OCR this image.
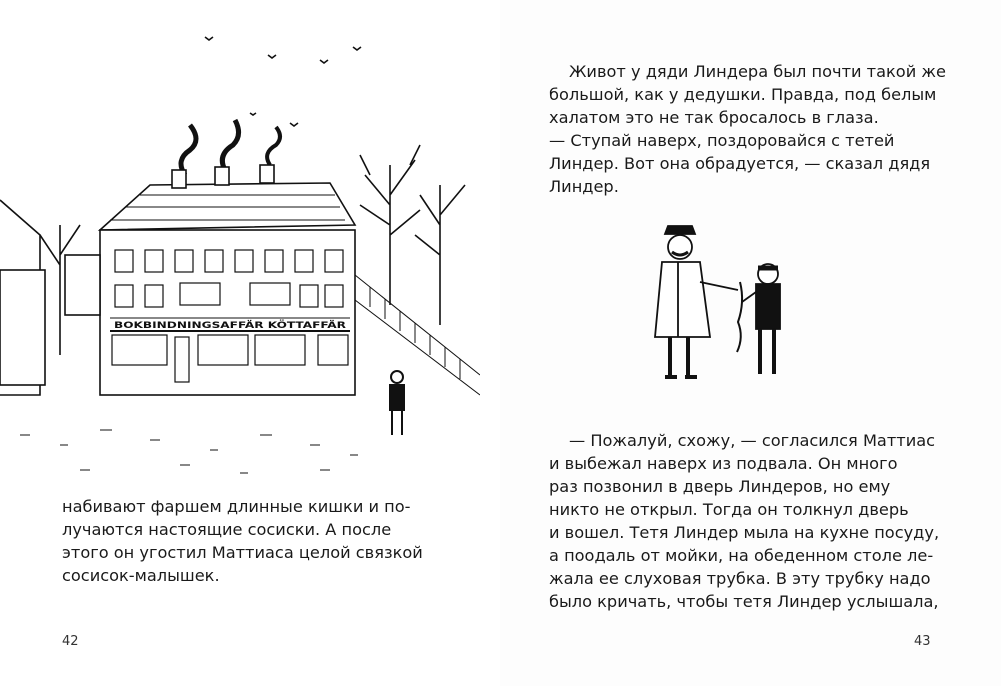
BOKBINDNINGSAFFÄR KÖTTAFFÄR
набивают фаршем длинные кишки и по-
лучаются настоящие сосиски. А после
этого он угостил Маттиаса целой связкой
сосисок-малышек.
42
Живот у дяди Линдера был почти такой же
большой, как у дедушки. Правда, под белым
халатом это не так бросалось в глаза.
— Ступай наверх, поздоровайся с тетей
Линдер. Вот она обрадуется, — сказал дядя
Линдер.
— Пожалуй, схожу, — согласился Маттиас
и выбежал наверх из подвала. Он много
раз позвонил в дверь Линдеров, но ему
никто не открыл. Тогда он толкнул дверь
и вошел. Тетя Линдер мыла на кухне посуду,
а поодаль от мойки, на обеденном столе ле-
жала ее слуховая трубка. В эту трубку надо
было кричать, чтобы тетя Линдер услышала,
43
